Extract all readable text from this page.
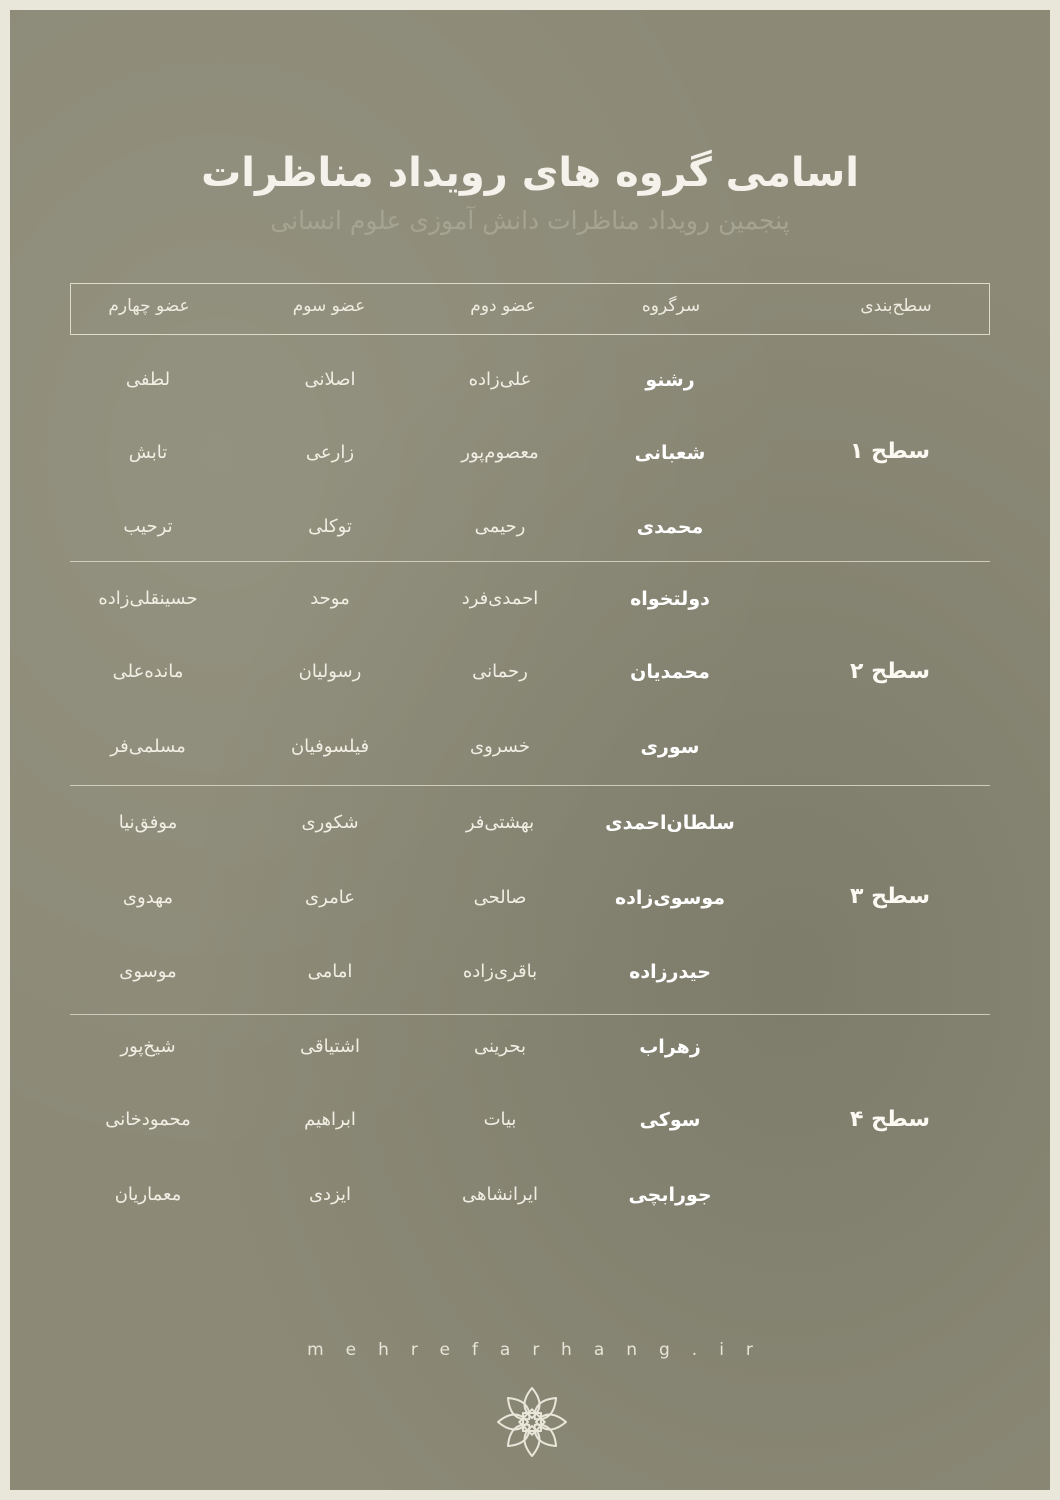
اسامی گروه های رویداد مناظرات
پنجمین رویداد مناظرات دانش آموزی علوم انسانی
سطح‌بندی
سرگروه
عضو دوم
عضو سوم
عضو چهارم
سطح ۱
رشنو
علی‌زاده
اصلانی
لطفی
شعبانی
معصوم‌پور
زارعی
تابش
محمدی
رحیمی
توکلی
ترحیب
سطح ۲
دولتخواه
احمدی‌فرد
موحد
حسینقلی‌زاده
محمدیان
رحمانی
رسولیان
مانده‌علی
سوری
خسروی
فیلسوفیان
مسلمی‌فر
سطح ۳
سلطان‌احمدی
بهشتی‌فر
شکوری
موفق‌نیا
موسوی‌زاده
صالحی
عامری
مهدوی
حیدرزاده
باقری‌زاده
امامی
موسوی
سطح ۴
زهراب
بحرینی
اشتیاقی
شیخ‌پور
سوکی
بیات
ابراهیم
محمودخانی
جورابچی
ایرانشاهی
ایزدی
معماریان
mehrefarhang.ir
